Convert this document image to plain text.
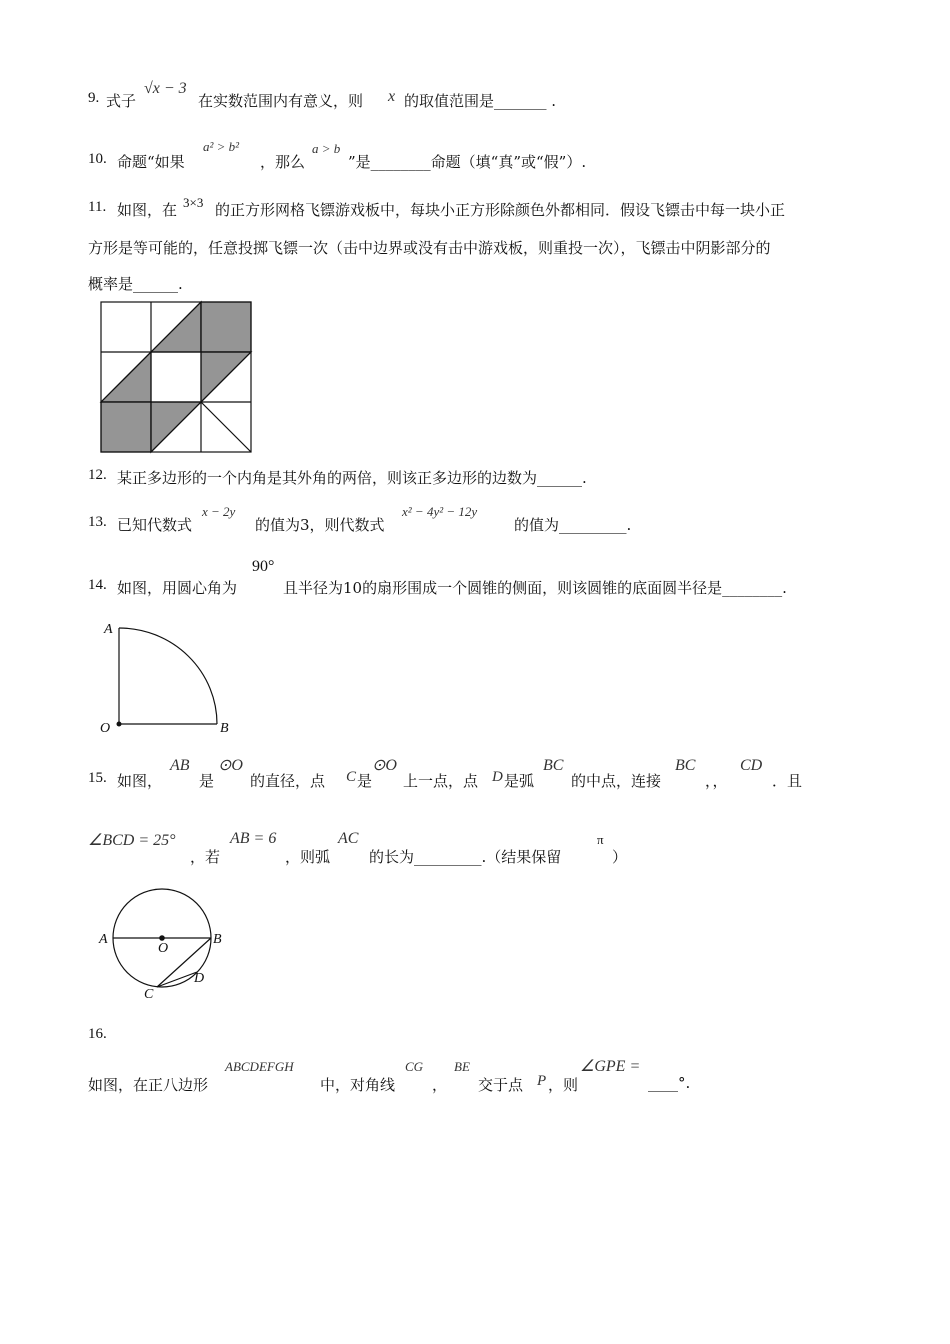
9. 式子
√x − 3
在实数范围内有意义，则 x 的取值范围是_______ .
10. 命题“如果
a² > b²
，那么
a > b
”是________命题（填“真”或“假”）.
11. 如图，在 3×3 的正方形网格飞镖游戏板中，每块小正方形除颜色外都相同．假设飞镖击中每一块小正
方形是等可能的，任意投掷飞镖一次（击中边界或没有击中游戏板，则重投一次），飞镖击中阴影部分的
概率是______.
12. 某正多边形的一个内角是其外角的两倍，则该正多边形的边数为______.
13. 已知代数式
x − 2y
的值为3，则代数式
x² − 4y² − 12y
的值为_________.
14. 如图，用圆心角为
90°
且半径为10的扇形围成一个圆锥的侧面，则该圆锥的底面圆半径是________.
A
O	B
15. 如图，
AB
是
⊙O
的直径，点 C 是
⊙O
上一点，点 D 是弧
BC
的中点，连接
BC
，，
CD
．且
∠BCD = 25°
，若
AB = 6
，则弧
AC
的长为_________.（结果保留
π
）
A
O
B
C
D
16.
如图，在正八边形
ABCDEFGH
中，对角线
CG
，
BE
交于点 P ，则
∠GPE =
____°.
